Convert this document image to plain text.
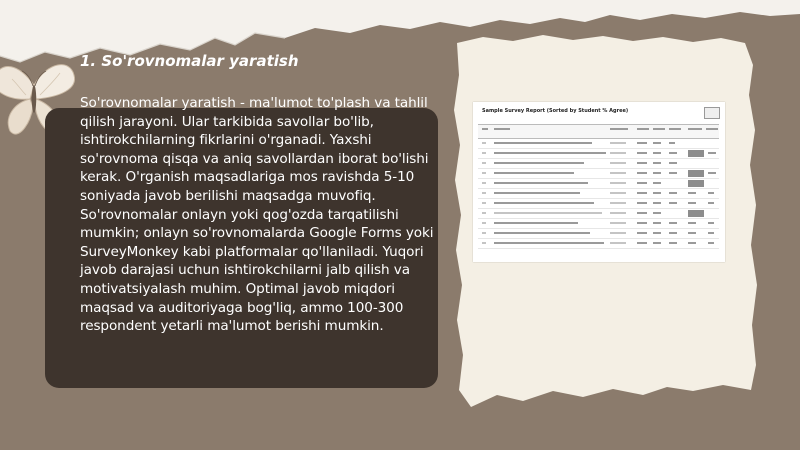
1. So'rovnomalar yaratish

So'rovnomalar yaratish - ma'lumot to'plash va tahlil qilish jarayoni. Ular tarkibida savollar bo'lib, ishtirokchilarning fikrlarini o'rganadi. Yaxshi so'rovnoma qisqa va aniq savollardan iborat bo'lishi kerak. O'rganish maqsadlariga mos ravishda 5-10 soniyada javob berilishi maqsadga muvofiq. So'rovnomalar onlayn yoki qog'ozda tarqatilishi mumkin; onlayn so'rovnomalarda Google Forms yoki SurveyMonkey kabi platformalar qo'llaniladi. Yuqori javob darajasi uchun ishtirokchilarni jalb qilish va motivatsiyalash muhim. Optimal javob miqdori maqsad va auditoriyaga bog'liq, ammo 100-300 respondent yetarli ma'lumot berishi mumkin.

Sample Survey Report (Sorted by Student % Agree)
